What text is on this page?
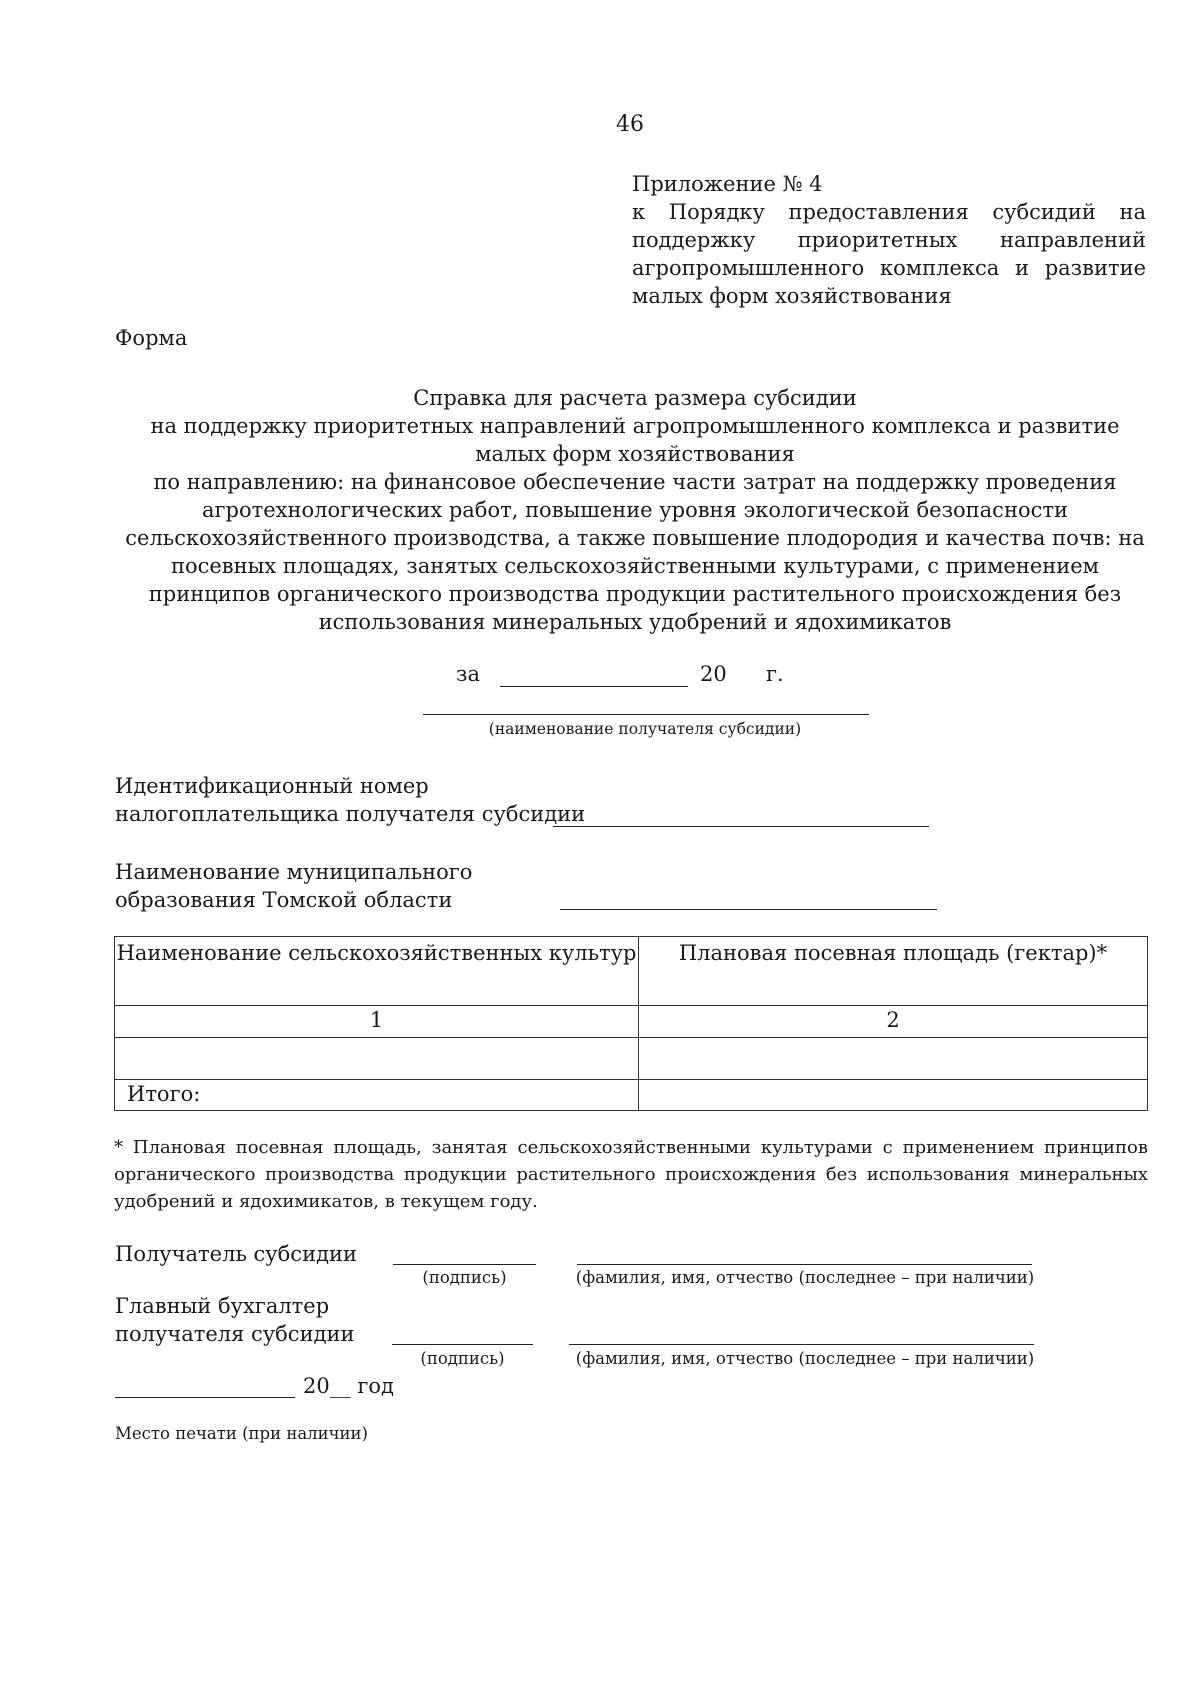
46
Приложение № 4
к Порядку предоставления субсидий на поддержку приоритетных направлений агропромышленного комплекса и развитие малых форм хозяйствования
Форма
Справка для расчета размера субсидии
на поддержку приоритетных направлений агропромышленного комплекса и развитие
малых форм хозяйствования
по направлению: на финансовое обеспечение части затрат на поддержку проведения
агротехнологических работ, повышение уровня экологической безопасности
сельскохозяйственного производства, а также повышение плодородия и качества почв: на
посевных площадях, занятых сельскохозяйственными культурами, с применением
принципов органического производства продукции растительного происхождения без
использования минеральных удобрений и ядохимикатов
за	20 г.
(наименование получателя субсидии)
Идентификационный номер
налогоплательщика получателя субсидии
Наименование муниципального
образования Томской области
Наименование сельскохозяйственных культур	Плановая посевная площадь (гектар)*
1	2

Итого:	
* Плановая посевная площадь, занятая сельскохозяйственными культурами с применением принципов органического производства продукции растительного происхождения без использования минеральных удобрений и ядохимикатов, в текущем году.
Получатель субсидии
(подпись)	(фамилия, имя, отчество (последнее – при наличии)
Главный бухгалтер
получателя субсидии
(подпись)	(фамилия, имя, отчество (последнее – при наличии)
20__ год
Место печати (при наличии)
